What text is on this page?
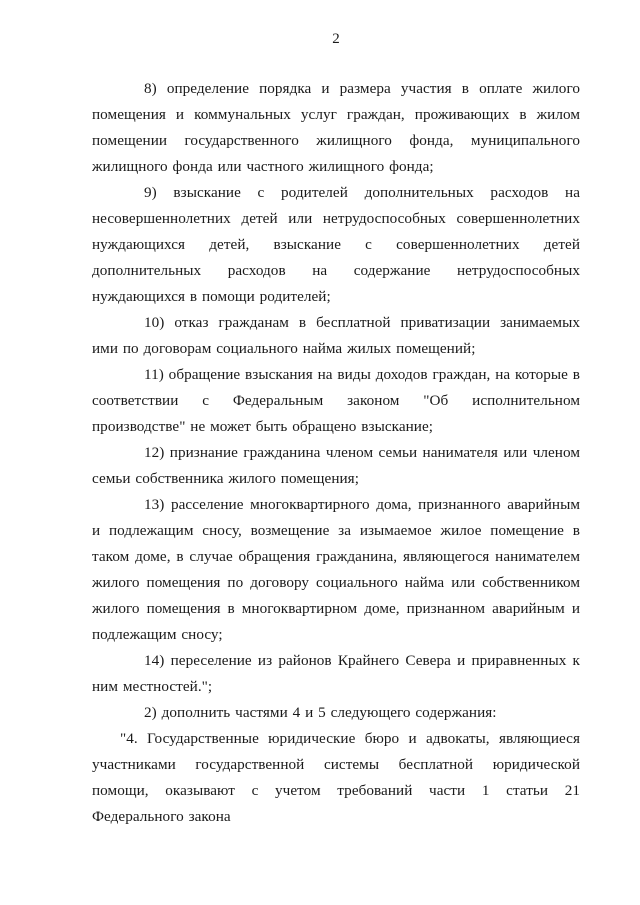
2

8) определение порядка и размера участия в оплате жилого помещения и коммунальных услуг граждан, проживающих в жилом помещении государственного жилищного фонда, муниципального жилищного фонда или частного жилищного фонда;

9) взыскание с родителей дополнительных расходов на несовершеннолетних детей или нетрудоспособных совершеннолетних нуждающихся детей, взыскание с совершеннолетних детей дополнительных расходов на содержание нетрудоспособных нуждающихся в помощи родителей;

10) отказ гражданам в бесплатной приватизации занимаемых ими по договорам социального найма жилых помещений;

11) обращение взыскания на виды доходов граждан, на которые в соответствии с Федеральным законом "Об исполнительном производстве" не может быть обращено взыскание;

12) признание гражданина членом семьи нанимателя или членом семьи собственника жилого помещения;

13) расселение многоквартирного дома, признанного аварийным и подлежащим сносу, возмещение за изымаемое жилое помещение в таком доме, в случае обращения гражданина, являющегося нанимателем жилого помещения по договору социального найма или собственником жилого помещения в многоквартирном доме, признанном аварийным и подлежащим сносу;

14) переселение из районов Крайнего Севера и приравненных к ним местностей.";

2) дополнить частями 4 и 5 следующего содержания:

"4. Государственные юридические бюро и адвокаты, являющиеся участниками государственной системы бесплатной юридической помощи, оказывают с учетом требований части 1 статьи 21 Федерального закона
